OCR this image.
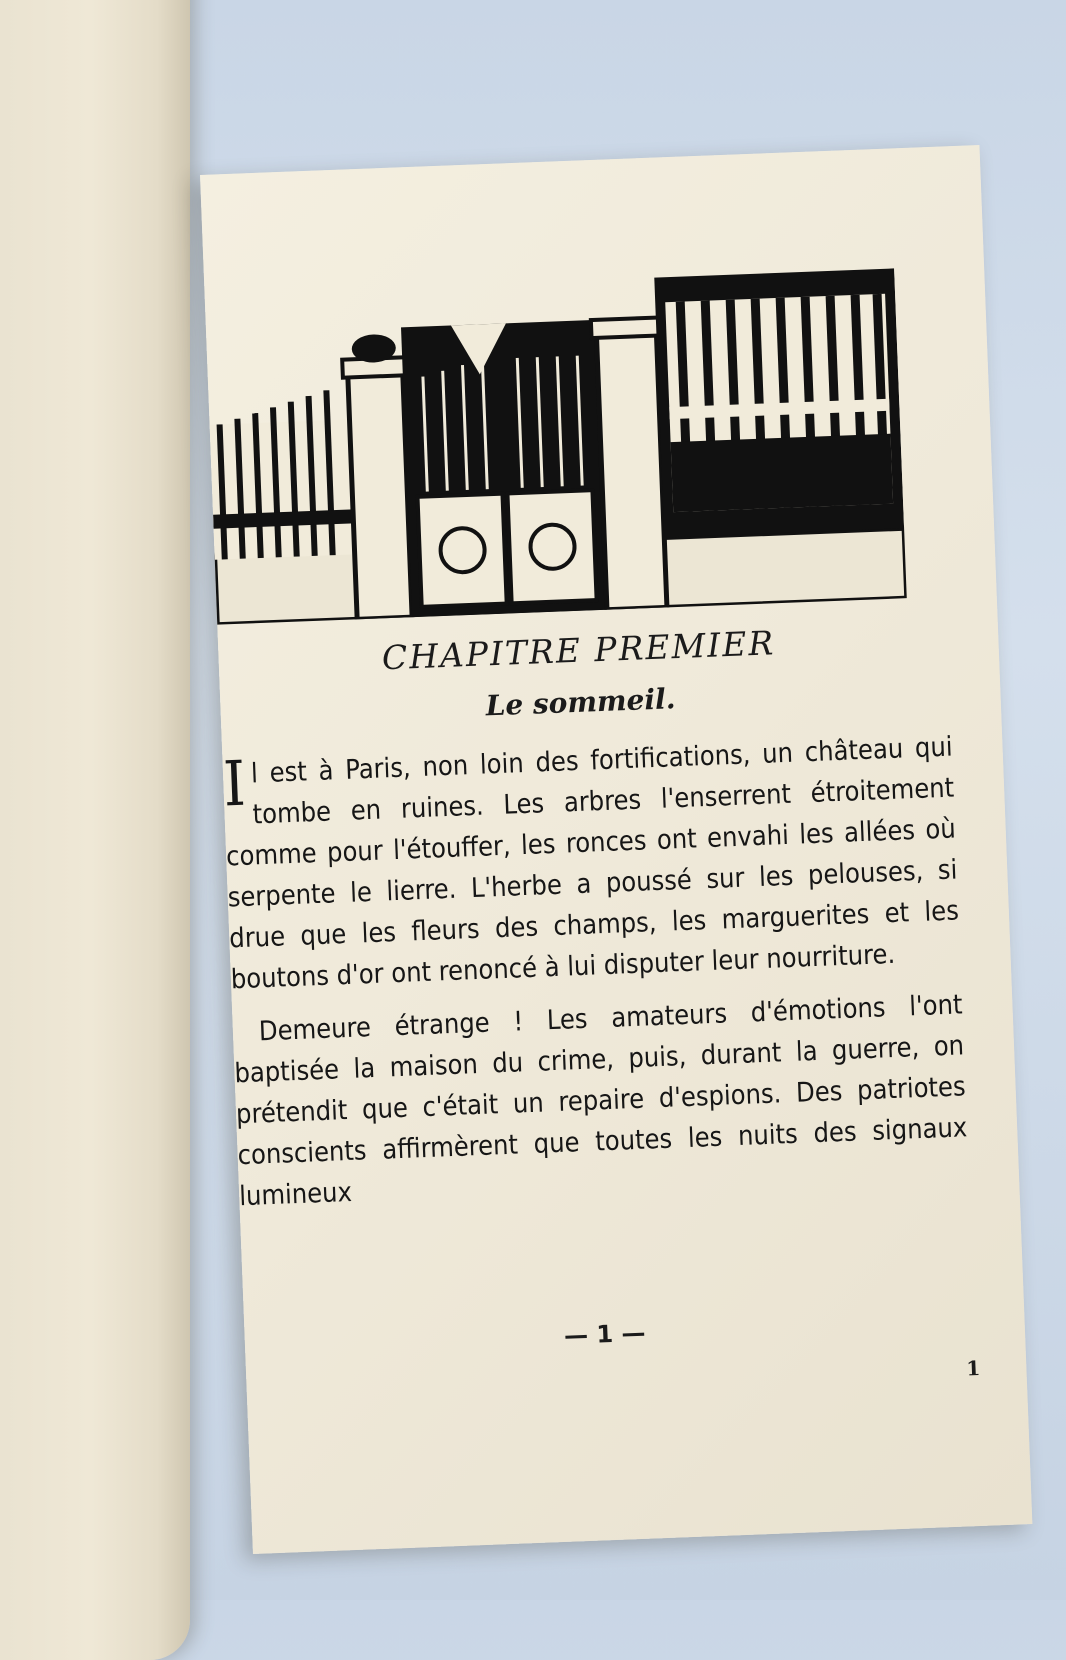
CHAPITRE PREMIER
Le sommeil.

Il est à Paris, non loin des fortifications, un château qui tombe en ruines. Les arbres l'enserrent étroitement comme pour l'étouffer, les ronces ont envahi les allées où serpente le lierre. L'herbe a poussé sur les pelouses, si drue que les fleurs des champs, les marguerites et les boutons d'or ont renoncé à lui disputer leur nourriture.

Demeure étrange ! Les amateurs d'émotions l'ont baptisée la maison du crime, puis, durant la guerre, on prétendit que c'était un repaire d'espions. Des patriotes conscients affirmèrent que toutes les nuits des signaux lumineux

— 1 —
1
